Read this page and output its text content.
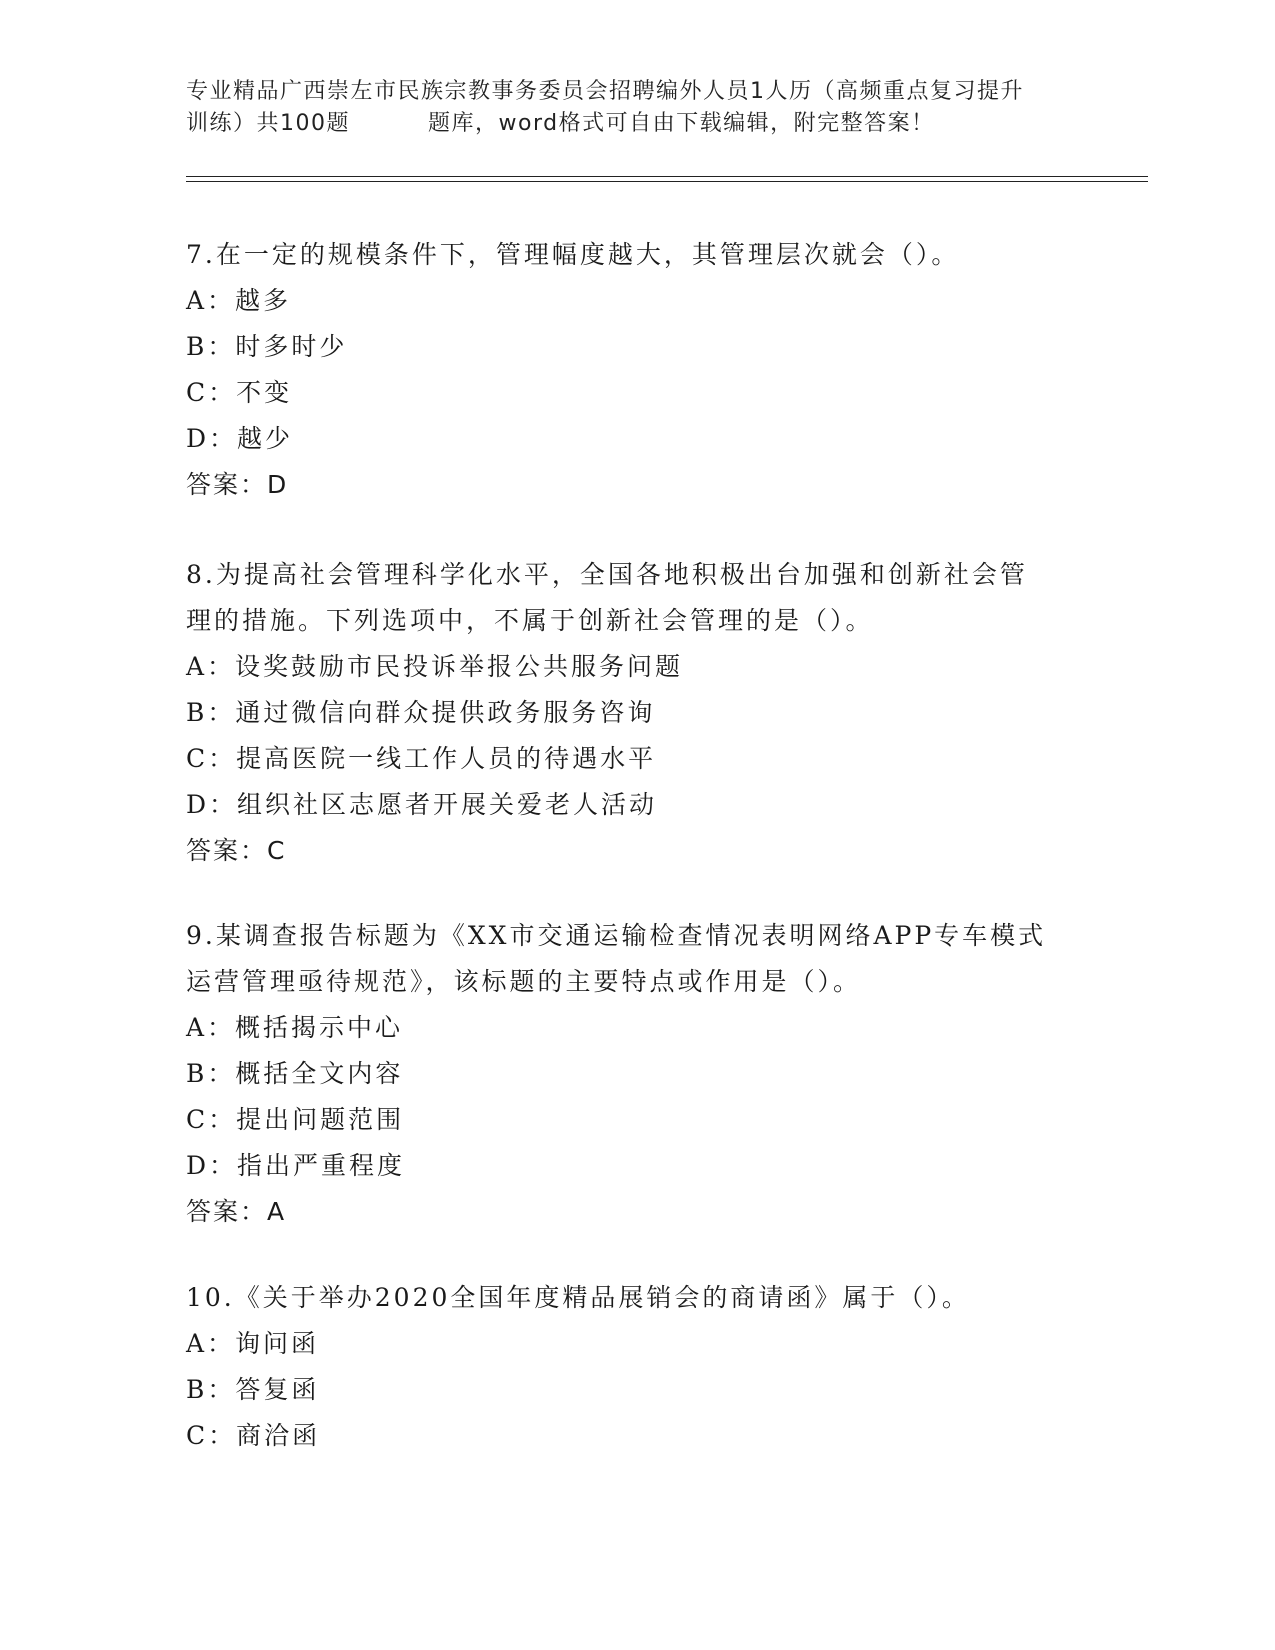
专业精品广西崇左市民族宗教事务委员会招聘编外人员1人历（高频重点复习提升
训练）共100题	题库，word格式可自由下载编辑，附完整答案！
7.在一定的规模条件下，管理幅度越大，其管理层次就会（）。
A：越多
B：时多时少
C：不变
D：越少
答案：D
8.为提高社会管理科学化水平，全国各地积极出台加强和创新社会管
理的措施。下列选项中，不属于创新社会管理的是（）。
A：设奖鼓励市民投诉举报公共服务问题
B：通过微信向群众提供政务服务咨询
C：提高医院一线工作人员的待遇水平
D：组织社区志愿者开展关爱老人活动
答案：C
9.某调查报告标题为《XX市交通运输检查情况表明网络APP专车模式
运营管理亟待规范》，该标题的主要特点或作用是（）。
A：概括揭示中心
B：概括全文内容
C：提出问题范围
D：指出严重程度
答案：A
10.《关于举办2020全国年度精品展销会的商请函》属于（）。
A：询问函
B：答复函
C：商洽函
